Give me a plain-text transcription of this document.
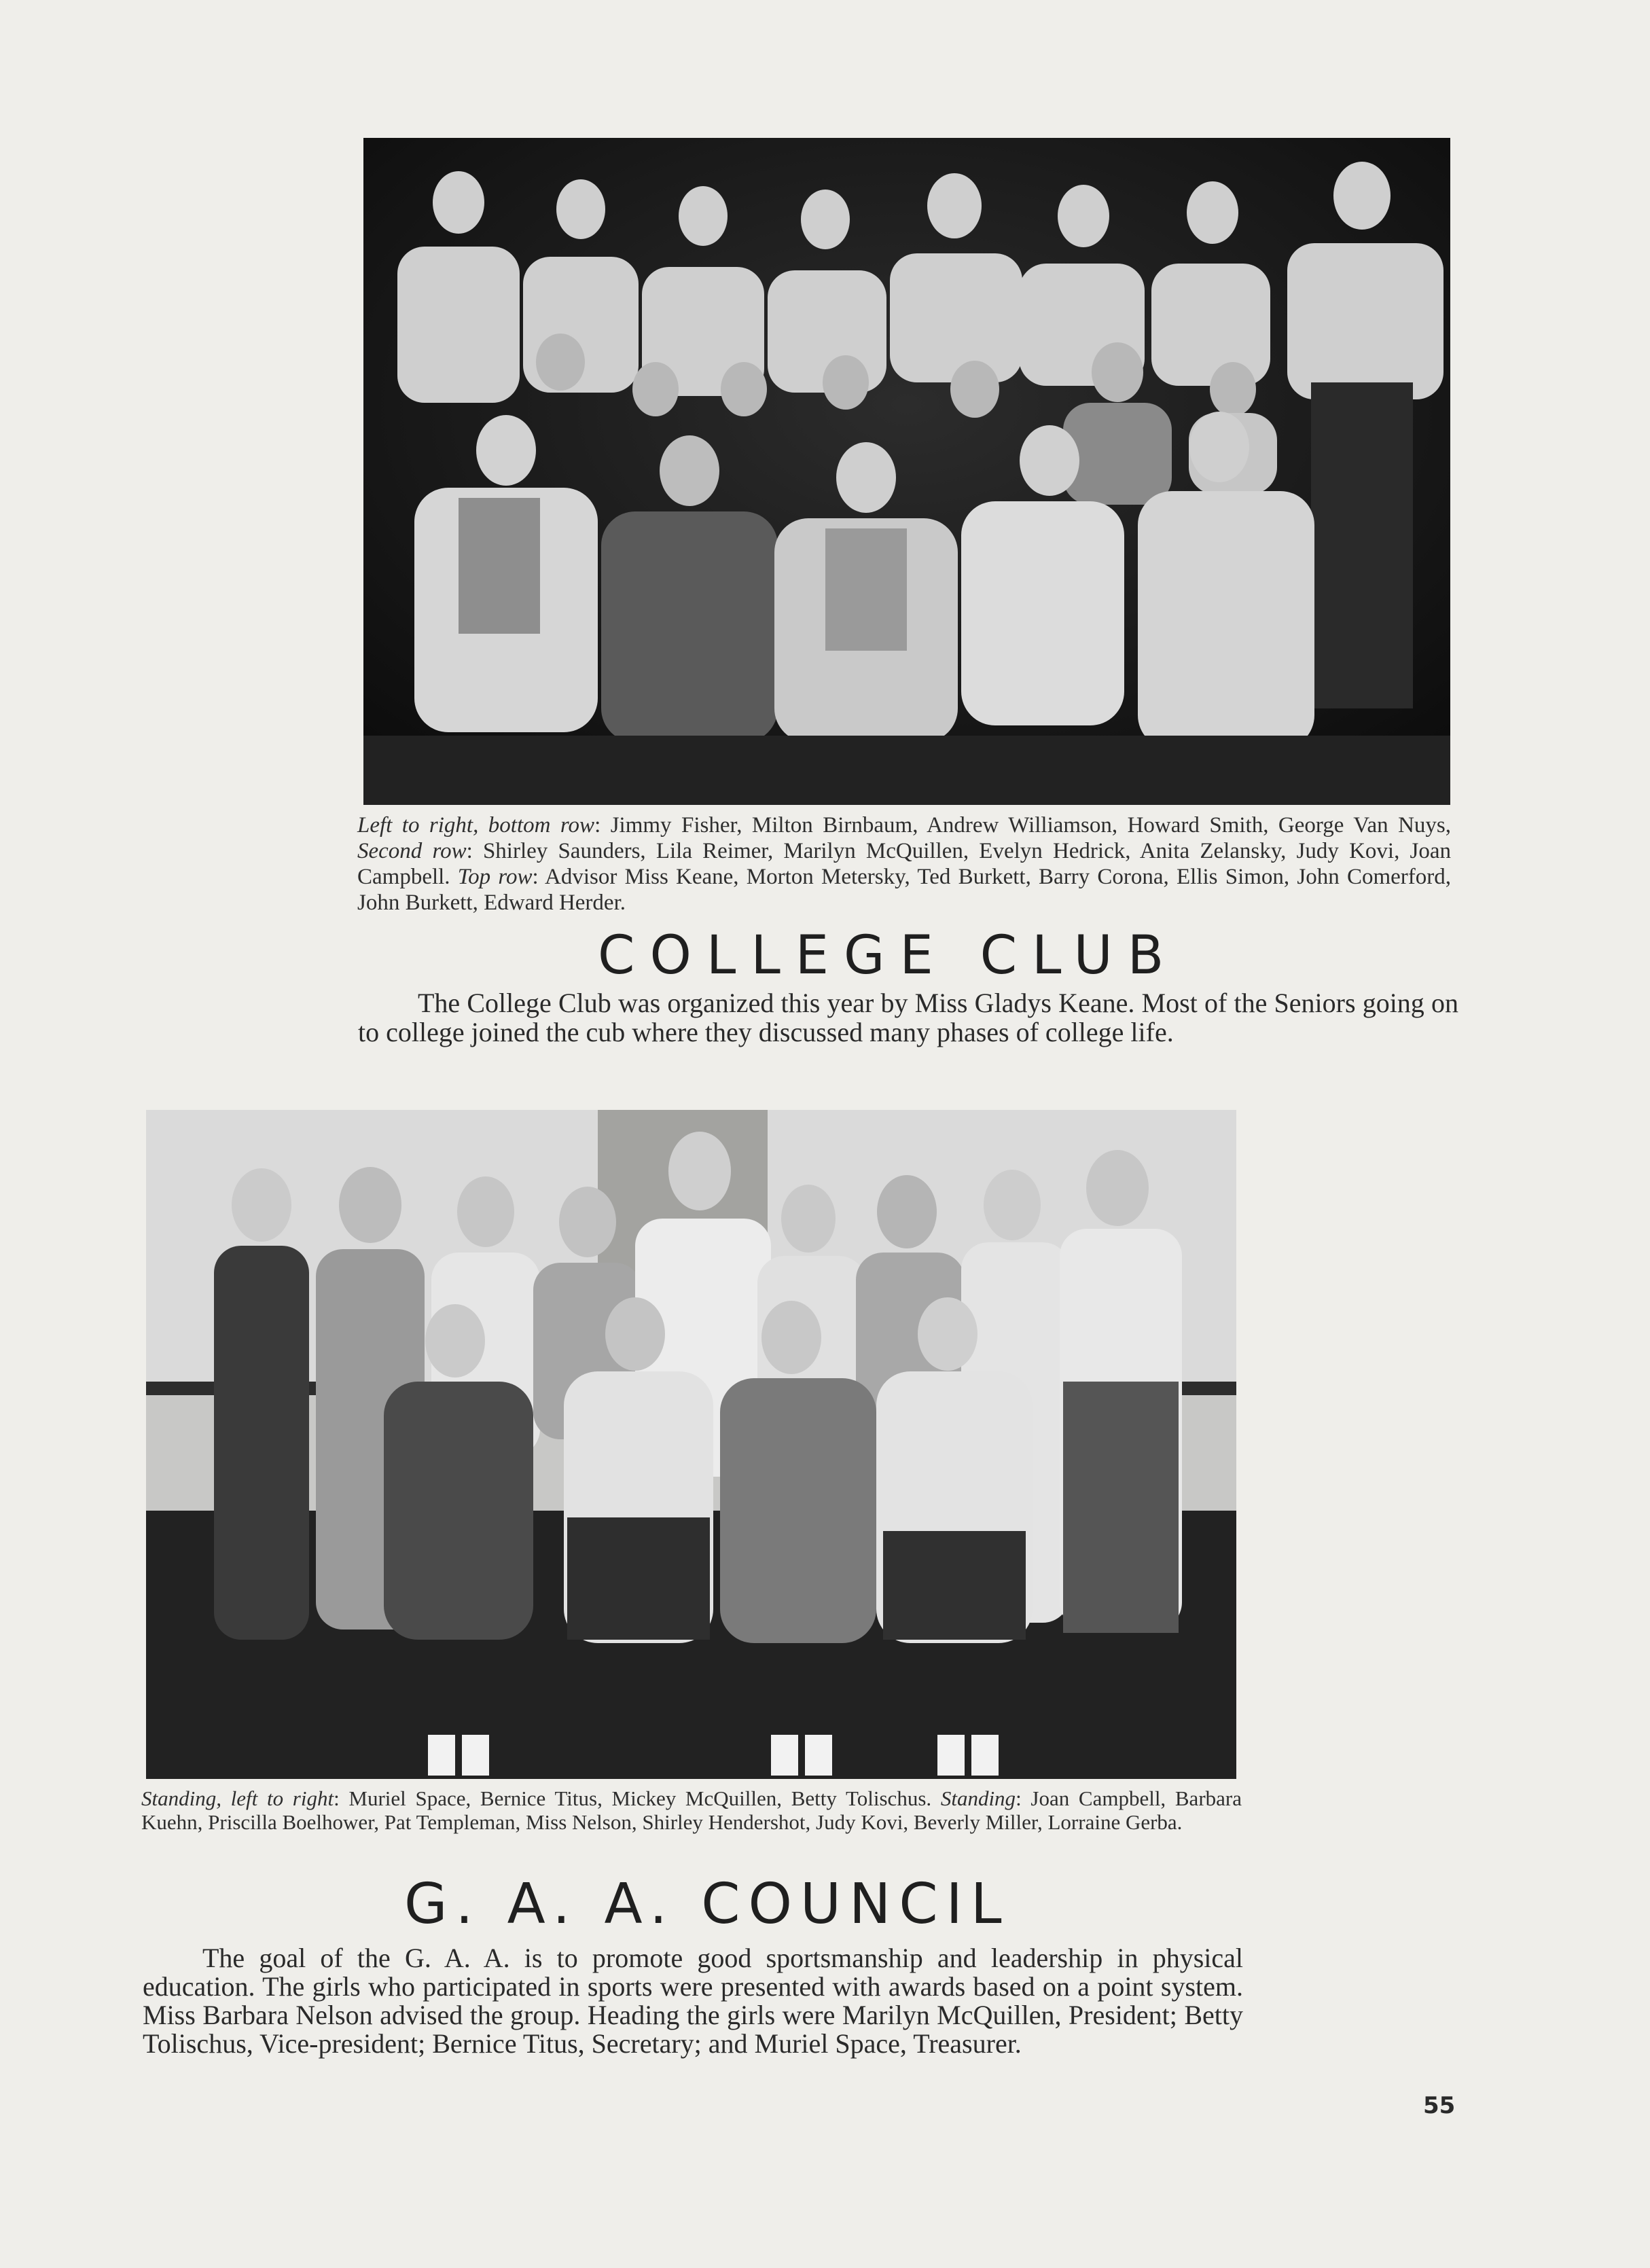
Left to right, bottom row: Jimmy Fisher, Milton Birnbaum, Andrew Williamson, Howard Smith, George Van Nuys, Second row: Shirley Saunders, Lila Reimer, Marilyn McQuillen, Evelyn Hedrick, Anita Zelansky, Judy Kovi, Joan Campbell. Top row: Advisor Miss Keane, Morton Metersky, Ted Burkett, Barry Corona, Ellis Simon, John Comerford, John Burkett, Edward Herder.
COLLEGE CLUB

The College Club was organized this year by Miss Gladys Keane. Most of the Seniors going on to college joined the cub where they discussed many phases of college life.

Standing, left to right: Muriel Space, Bernice Titus, Mickey McQuillen, Betty Tolischus. Standing: Joan Campbell, Barbara Kuehn, Priscilla Boelhower, Pat Templeman, Miss Nelson, Shirley Hendershot, Judy Kovi, Beverly Miller, Lorraine Gerba.
G. A. A. COUNCIL

The goal of the G. A. A. is to promote good sportsmanship and leadership in physical education. The girls who participated in sports were presented with awards based on a point system. Miss Barbara Nelson advised the group. Heading the girls were Marilyn McQuillen, President; Betty Tolischus, Vice-president; Bernice Titus, Secretary; and Muriel Space, Treasurer.

55
